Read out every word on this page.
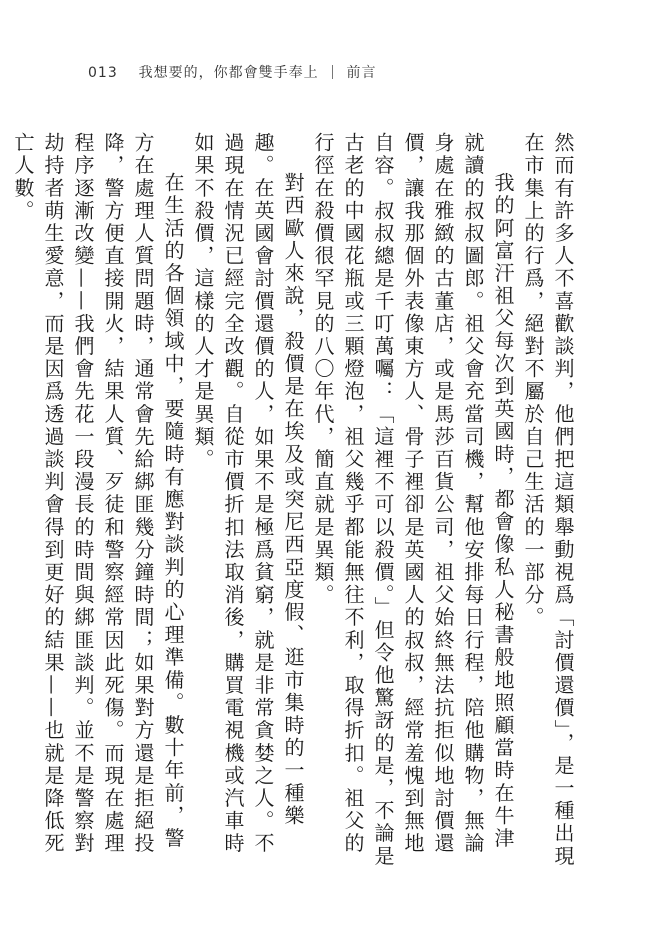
013 我想要的，你都會雙手奉上 前言

然而有許多人不喜歡談判，他們把這類舉動視爲「討價還價」，是一種出現在市集上的行爲，絕對不屬於自己生活的一部分。

我的阿富汗祖父每次到英國時，都會像私人秘書般地照顧當時在牛津就讀的叔叔圖郎。祖父會充當司機，幫他安排每日行程，陪他購物，無論身處在雅緻的古董店，或是馬莎百貨公司，祖父始終無法抗拒似地討價還價，讓我那個外表像東方人、骨子裡卻是英國人的叔叔，經常羞愧到無地自容。叔叔總是千叮萬囑：「這裡不可以殺價。」但令他驚訝的是，不論是古老的中國花瓶或三顆燈泡，祖父幾乎都能無往不利，取得折扣。祖父的行徑在殺價很罕見的八〇年代，簡直就是異類。

對西歐人來說，殺價是在埃及或突尼西亞度假、逛市集時的一種樂趣。在英國會討價還價的人，如果不是極爲貧窮，就是非常貪婪之人。不過現在情況已經完全改觀。自從市價折扣法取消後，購買電視機或汽車時如果不殺價，這樣的人才是異類。

在生活的各個領域中，要隨時有應對談判的心理準備。數十年前，警方在處理人質問題時，通常會先給綁匪幾分鐘時間；如果對方還是拒絕投降，警方便直接開火，結果人質、歹徒和警察經常因此死傷。而現在處理程序逐漸改變——我們會先花一段漫長的時間與綁匪談判。並不是警察對劫持者萌生愛意，而是因爲透過談判會得到更好的結果——也就是降低死亡人數。
